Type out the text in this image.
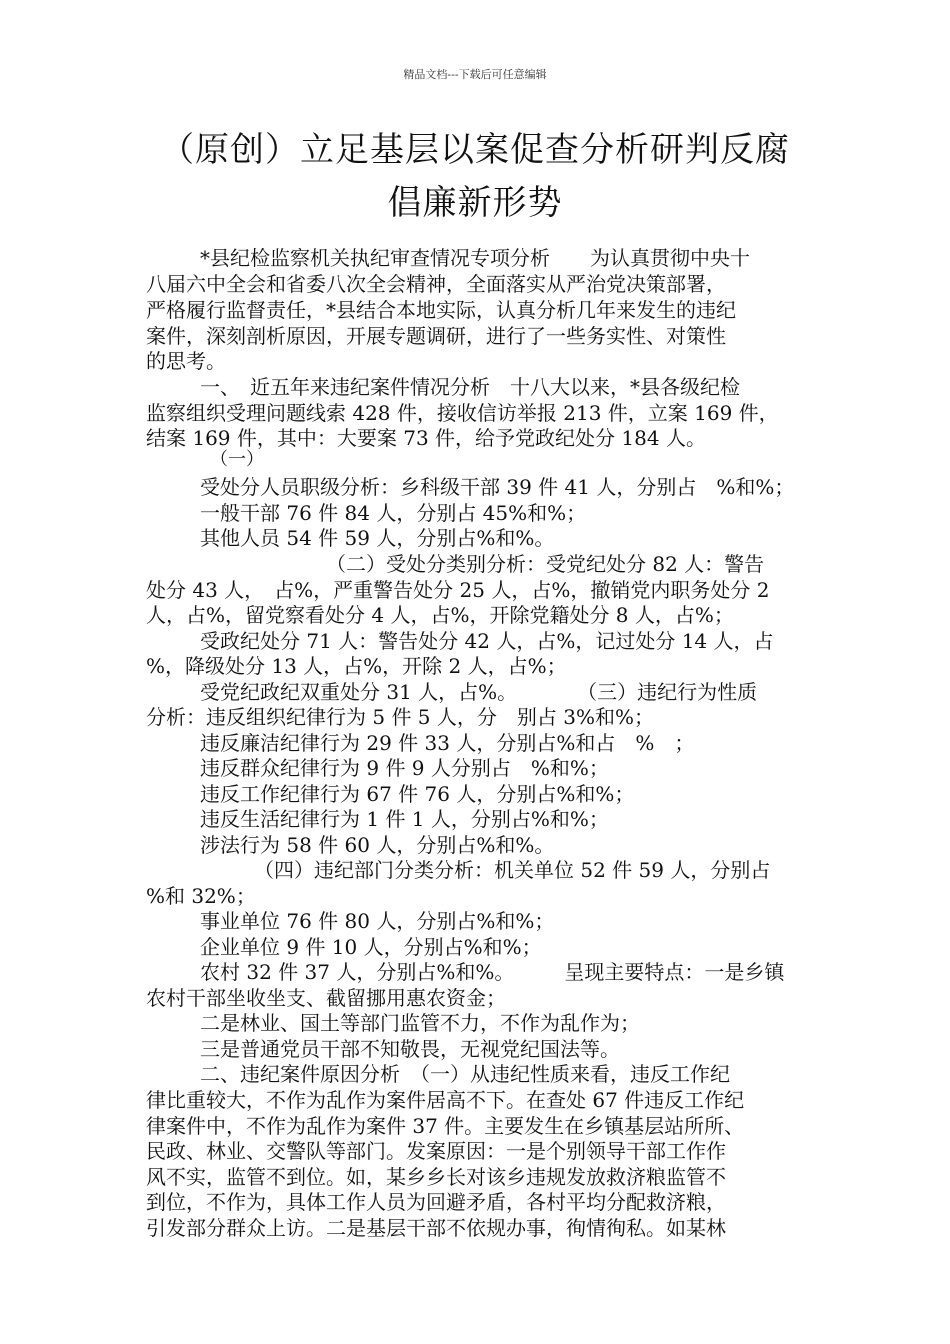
精品文档---下载后可任意编辑
（原创）立足基层以案促查分析研判反腐
倡廉新形势
*县纪检监察机关执纪审查情况专项分析　　为认真贯彻中央十
八届六中全会和省委八次全会精神，全面落实从严治党决策部署，
严格履行监督责任，*县结合本地实际，认真分析几年来发生的违纪
案件，深刻剖析原因，开展专题调研，进行了一些务实性、对策性
的思考。
一、　近五年来违纪案件情况分析　十八大以来，*县各级纪检
监察组织受理问题线索 428 件，接收信访举报 213 件，立案 169 件，
结案 169 件，其中：大要案 73 件，给予党政纪处分 184 人。
（一）
受处分人员职级分析：乡科级干部 39 件 41 人，分别占　%和%；
一般干部 76 件 84 人，分别占 45%和%；
其他人员 54 件 59 人，分别占%和%。
（二）受处分类别分析：受党纪处分 82 人：警告
处分 43 人，　占%，严重警告处分 25 人，占%，撤销党内职务处分 2
人，占%，留党察看处分 4 人，占%，开除党籍处分 8 人，占%；
受政纪处分 71 人：警告处分 42 人，占%，记过处分 14 人，占
%，降级处分 13 人，占%，开除 2 人，占%；
受党纪政纪双重处分 31 人，占%。　　　　（三）违纪行为性质
分析：违反组织纪律行为 5 件 5 人，分　别占 3%和%；
违反廉洁纪律行为 29 件 33 人，分别占%和占　%　；
违反群众纪律行为 9 件 9 人分别占　%和%；
违反工作纪律行为 67 件 76 人，分别占%和%；
违反生活纪律行为 1 件 1 人，分别占%和%；
涉法行为 58 件 60 人，分别占%和%。
（四）违纪部门分类分析：机关单位 52 件 59 人，分别占
%和 32%；
事业单位 76 件 80 人，分别占%和%；
企业单位 9 件 10 人，分别占%和%；
农村 32 件 37 人，分别占%和%。　　　呈现主要特点：一是乡镇
农村干部坐收坐支、截留挪用惠农资金；
二是林业、国土等部门监管不力，不作为乱作为；
三是普通党员干部不知敬畏，无视党纪国法等。
二、违纪案件原因分析　（一）从违纪性质来看，违反工作纪
律比重较大，不作为乱作为案件居高不下。在查处 67 件违反工作纪
律案件中，不作为乱作为案件 37 件。主要发生在乡镇基层站所所、
民政、林业、交警队等部门。发案原因：一是个别领导干部工作作
风不实，监管不到位。如，某乡乡长对该乡违规发放救济粮监管不
到位，不作为，具体工作人员为回避矛盾，各村平均分配救济粮，
引发部分群众上访。二是基层干部不依规办事，徇情徇私。如某林
